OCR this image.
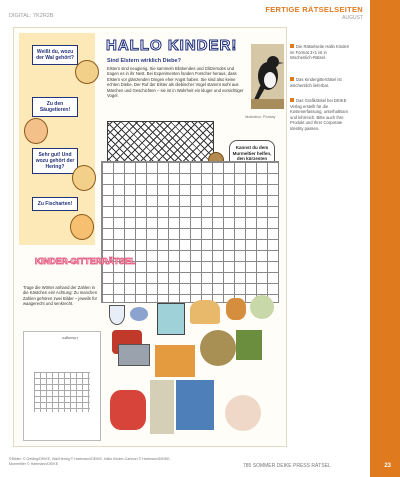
FERTIGE RÄTSELSEITEN
AUGUST
DIGITAL: 7K2R2B
Weißt du, wozu der Wal gehört?
Zu den Säugetieren!
Sehr gut! Und wozu gehört der Hering?
Zu Fischarten!
HALLO KINDER!
Sind Elstern wirklich Diebe?
Elstern sind neugierig. Sie sammeln Blinkendes und Glitzerndes und tragen es in ihr Nest. Bei Experimenten fanden Forscher heraus, dass Elstern vor glänzenden Dingen eher Angst haben. Sie sind also keine echten Diebe. Der Ruf der Elster als diebischer Vogel stammt wohl aus Märchen und Geschichten – sie ist in Wahrheit ein kluger und vorsichtiger Vogel.
Illustration: Pixabay
Kannst du dem Murmeltier helfen, den kürzesten
Die Rätselseite Hallo Kinder! im Format 3×1 ist in Wochenlich-Rätsel.
Das Kindergitterrätsel ist wöchentlich lieferbar.
Das Grafikrätsel bei DEIKE Verlag erstellt für die Kostenerfassung, unterhaltsam und lehrreich. Bitte auch Ihre Produkt und Ihrer Corporate Identity passen.
KINDER-GITTERRÄTSEL
Trage die Wörter anhand der Zahlen in die Kästchen ein! Achtung: Zu manchen Zahlen gehören zwei Bilder – jeweils für waagerecht und senkrecht.
Lösungen
©Bilder: © Gefäng/DEIKE, Wal/Hering © Hartmann/DEIKE, Hallo Kinder-Cartoon © Hartmann/DEIKE, Murmeltier © Hartmann/DEIKE	785 SOMMER DEIKE PRESS RÄTSEL	23
